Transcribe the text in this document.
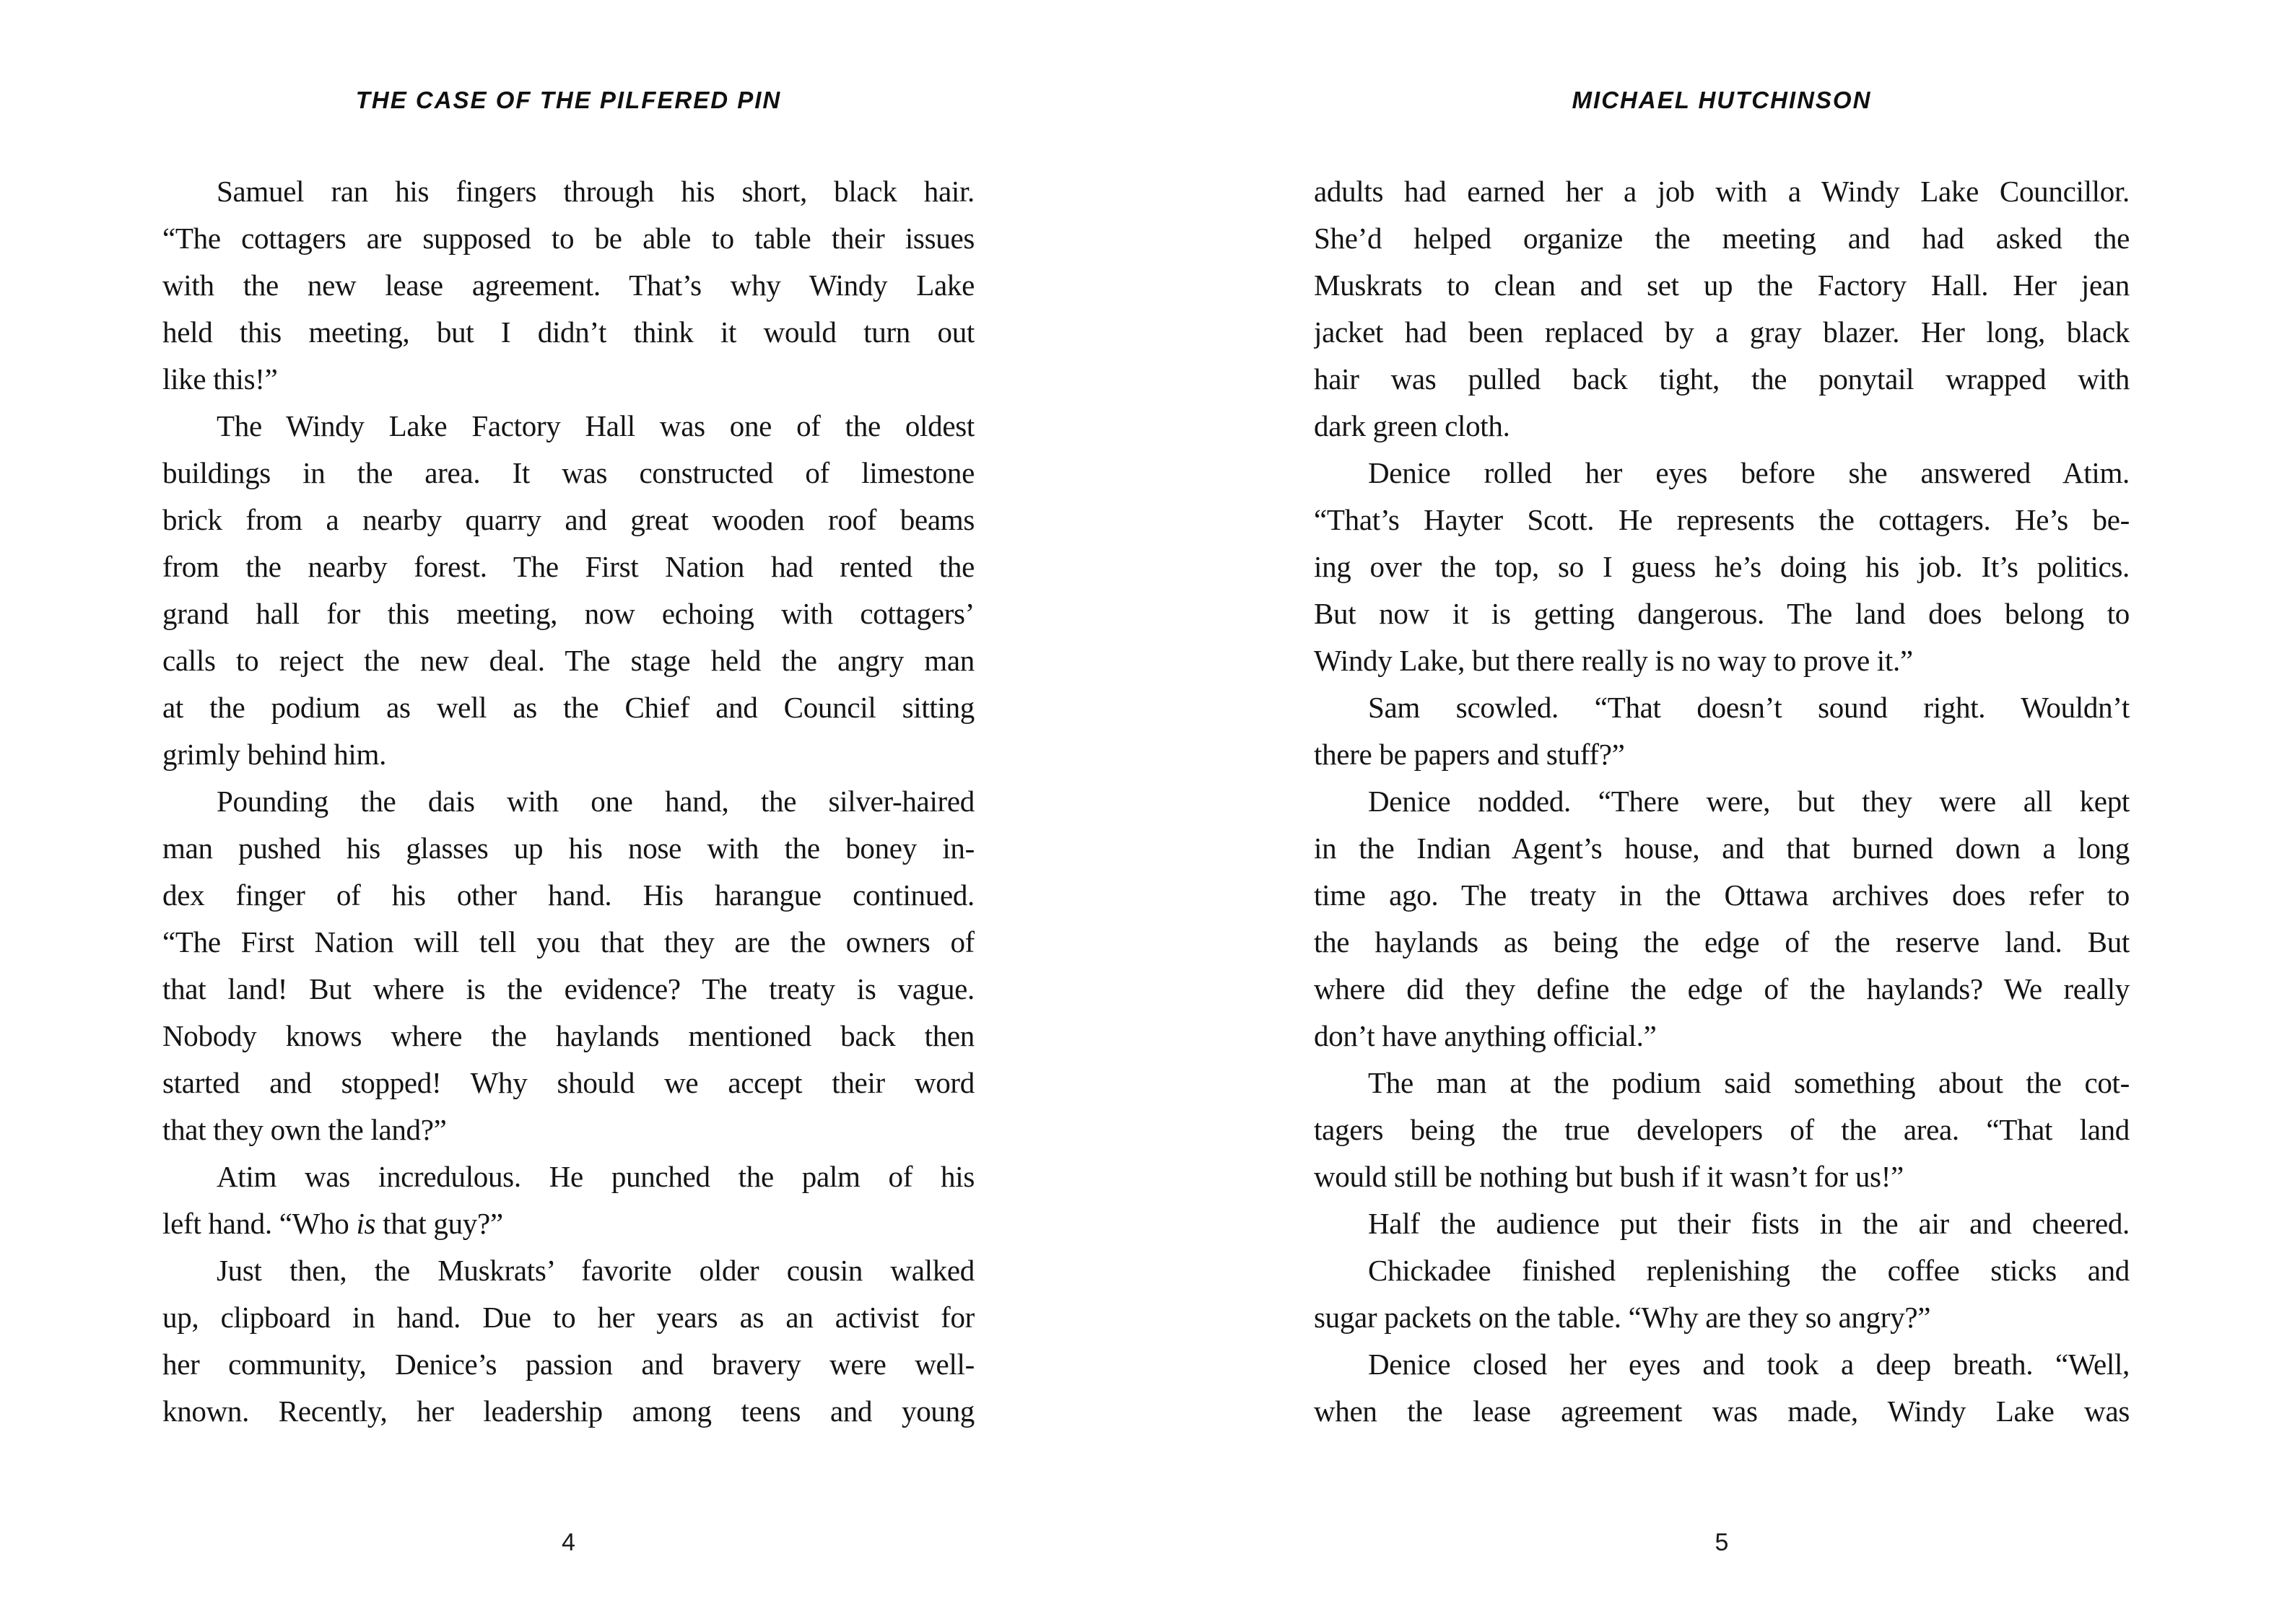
THE CASE OF THE PILFERED PIN
Samuel ran his fingers through his short, black hair.
“The cottagers are supposed to be able to table their issues
with the new lease agreement. That’s why Windy Lake
held this meeting, but I didn’t think it would turn out
like this!”
The Windy Lake Factory Hall was one of the oldest
buildings in the area. It was constructed of limestone
brick from a nearby quarry and great wooden roof beams
from the nearby forest. The First Nation had rented the
grand hall for this meeting, now echoing with cottagers’
calls to reject the new deal. The stage held the angry man
at the podium as well as the Chief and Council sitting
grimly behind him.
Pounding the dais with one hand, the silver-haired
man pushed his glasses up his nose with the boney in-
dex finger of his other hand. His harangue continued.
“The First Nation will tell you that they are the owners of
that land! But where is the evidence? The treaty is vague.
Nobody knows where the haylands mentioned back then
started and stopped! Why should we accept their word
that they own the land?”
Atim was incredulous. He punched the palm of his
left hand. “Who is that guy?”
Just then, the Muskrats’ favorite older cousin walked
up, clipboard in hand. Due to her years as an activist for
her community, Denice’s passion and bravery were well-
known. Recently, her leadership among teens and young
4
MICHAEL HUTCHINSON
adults had earned her a job with a Windy Lake Councillor.
She’d helped organize the meeting and had asked the
Muskrats to clean and set up the Factory Hall. Her jean
jacket had been replaced by a gray blazer. Her long, black
hair was pulled back tight, the ponytail wrapped with
dark green cloth.
Denice rolled her eyes before she answered Atim.
“That’s Hayter Scott. He represents the cottagers. He’s be-
ing over the top, so I guess he’s doing his job. It’s politics.
But now it is getting dangerous. The land does belong to
Windy Lake, but there really is no way to prove it.”
Sam scowled. “That doesn’t sound right. Wouldn’t
there be papers and stuff?”
Denice nodded. “There were, but they were all kept
in the Indian Agent’s house, and that burned down a long
time ago. The treaty in the Ottawa archives does refer to
the haylands as being the edge of the reserve land. But
where did they define the edge of the haylands? We really
don’t have anything official.”
The man at the podium said something about the cot-
tagers being the true developers of the area. “That land
would still be nothing but bush if it wasn’t for us!”
Half the audience put their fists in the air and cheered.
Chickadee finished replenishing the coffee sticks and
sugar packets on the table. “Why are they so angry?”
Denice closed her eyes and took a deep breath. “Well,
when the lease agreement was made, Windy Lake was
5
